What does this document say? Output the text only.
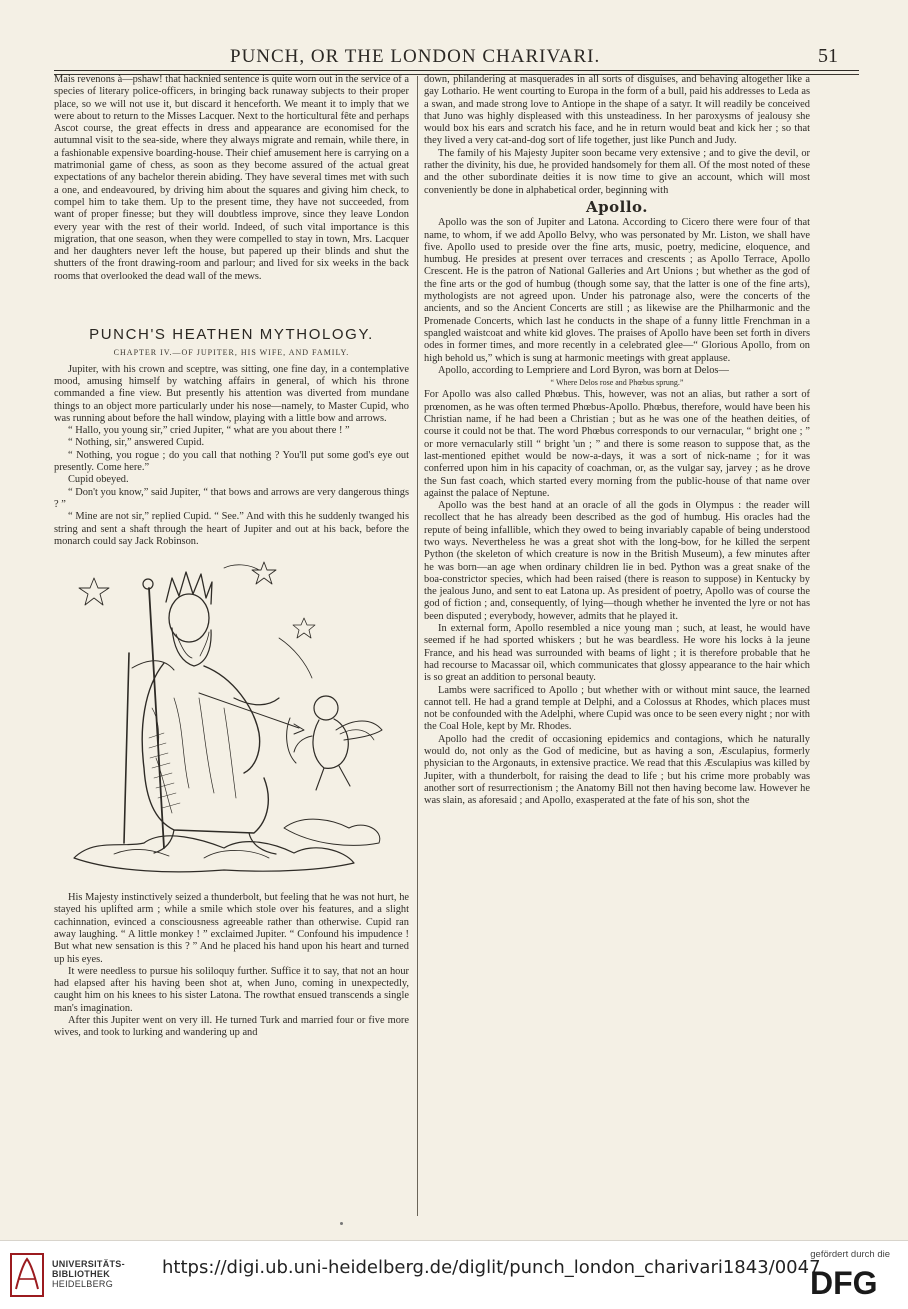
PUNCH, OR THE LONDON CHARIVARI.	51

Mais revenons à—pshaw! that hacknied sentence is quite worn out in the service of a species of literary police-officers, in bringing back runaway subjects to their proper place, so we will not use it, but discard it henceforth. We meant it to imply that we were about to return to the Misses Lacquer. Next to the horticultural fête and perhaps Ascot course, the great effects in dress and appearance are economised for the autumnal visit to the sea-side, where they always migrate and remain, while there, in a fashionable expensive boarding-house. Their chief amusement here is carrying on a matrimonial game of chess, as soon as they become assured of the actual great expectations of any bachelor therein abiding. They have several times met with such a one, and endeavoured, by driving him about the squares and giving him check, to compel him to take them. Up to the present time, they have not succeeded, from want of proper finesse; but they will doubtless improve, since they leave London every year with the rest of their world. Indeed, of such vital importance is this migration, that one season, when they were compelled to stay in town, Mrs. Lacquer and her daughters never left the house, but papered up their blinds and shut the shutters of the front drawing-room and parlour; and lived for six weeks in the back rooms that overlooked the dead wall of the mews.

PUNCH'S HEATHEN MYTHOLOGY.
CHAPTER IV.—OF JUPITER, HIS WIFE, AND FAMILY.

Jupiter, with his crown and sceptre, was sitting, one fine day, in a contemplative mood, amusing himself by watching affairs in general, of which his throne commanded a fine view. But presently his attention was diverted from mundane things to an object more particularly under his nose—namely, to Master Cupid, who was running about before the hall window, playing with a little bow and arrows.

“ Hallo, you young sir,” cried Jupiter, “ what are you about there ! ”

“ Nothing, sir,” answered Cupid.

“ Nothing, you rogue ; do you call that nothing ? You'll put some god's eye out presently. Come here.”

Cupid obeyed.

“ Don't you know,” said Jupiter, “ that bows and arrows are very dangerous things ? ”

“ Mine are not sir,” replied Cupid. “ See.” And with this he suddenly twanged his string and sent a shaft through the heart of Jupiter and out at his back, before the monarch could say Jack Robinson.

His Majesty instinctively seized a thunderbolt, but feeling that he was not hurt, he stayed his uplifted arm ; while a smile which stole over his features, and a slight cachinnation, evinced a consciousness agreeable rather than otherwise. Cupid ran away laughing. “ A little monkey ! ” exclaimed Jupiter. “ Confound his impudence ! But what new sensation is this ? ” And he placed his hand upon his heart and turned up his eyes.

It were needless to pursue his soliloquy further. Suffice it to say, that not an hour had elapsed after his having been shot at, when Juno, coming in unexpectedly, caught him on his knees to his sister Latona. The rowthat ensued transcends a single man's imagination.

After this Jupiter went on very ill. He turned Turk and married four or five more wives, and took to lurking and wandering up and

down, philandering at masquerades in all sorts of disguises, and behaving altogether like a gay Lothario. He went courting to Europa in the form of a bull, paid his addresses to Leda as a swan, and made strong love to Antiope in the shape of a satyr. It will readily be conceived that Juno was highly displeased with this unsteadiness. In her paroxysms of jealousy she would box his ears and scratch his face, and he in return would beat and kick her ; so that they lived a very cat-and-dog sort of life together, just like Punch and Judy.

The family of his Majesty Jupiter soon became very extensive ; and to give the devil, or rather the divinity, his due, he provided handsomely for them all. Of the most noted of these and the other subordinate deities it is now time to give an account, which will most conveniently be done in alphabetical order, beginning with

Apollo.

Apollo was the son of Jupiter and Latona. According to Cicero there were four of that name, to whom, if we add Apollo Belvy, who was personated by Mr. Liston, we shall have five. Apollo used to preside over the fine arts, music, poetry, medicine, eloquence, and humbug. He presides at present over terraces and crescents ; as Apollo Terrace, Apollo Crescent. He is the patron of National Galleries and Art Unions ; but whether as the god of the fine arts or the god of humbug (though some say, that the latter is one of the fine arts), mythologists are not agreed upon. Under his patronage also, were the concerts of the ancients, and so the Ancient Concerts are still ; as likewise are the Philharmonic and the Promenade Concerts, which last he conducts in the shape of a funny little Frenchman in a spangled waistcoat and white kid gloves. The praises of Apollo have been set forth in divers odes in former times, and more recently in a celebrated glee—“ Glorious Apollo, from on high behold us,” which is sung at harmonic meetings with great applause.

Apollo, according to Lempriere and Lord Byron, was born at Delos—

“ Where Delos rose and Phœbus sprung.”

For Apollo was also called Phœbus. This, however, was not an alias, but rather a sort of prœnomen, as he was often termed Phœbus-Apollo. Phœbus, therefore, would have been his Christian name, if he had been a Christian ; but as he was one of the heathen deities, of course it could not be that. The word Phœbus corresponds to our vernacular, “ bright one ; ” or more vernacularly still “ bright 'un ; ” and there is some reason to suppose that, as the last-mentioned epithet would be now-a-days, it was a sort of nick-name ; for it was conferred upon him in his capacity of coachman, or, as the vulgar say, jarvey ; as he drove the Sun fast coach, which started every morning from the public-house of that name over against the palace of Neptune.

Apollo was the best hand at an oracle of all the gods in Olympus : the reader will recollect that he has already been described as the god of humbug. His oracles had the repute of being infallible, which they owed to being invariably capable of being understood two ways. Nevertheless he was a great shot with the long-bow, for he killed the serpent Python (the skeleton of which creature is now in the British Museum), a few minutes after he was born—an age when ordinary children lie in bed. Python was a great snake of the boa-constrictor species, which had been raised (there is reason to suppose) in Kentucky by the jealous Juno, and sent to eat Latona up. As president of poetry, Apollo was of course the god of fiction ; and, consequently, of lying—though whether he invented the lyre or not has been disputed ; everybody, however, admits that he played it.

In external form, Apollo resembled a nice young man ; such, at least, he would have seemed if he had sported whiskers ; but he was beardless. He wore his locks à la jeune France, and his head was surrounded with beams of light ; it is therefore probable that he had recourse to Macassar oil, which communicates that glossy appearance to the hair which is so great an addition to personal beauty.

Lambs were sacrificed to Apollo ; but whether with or without mint sauce, the learned cannot tell. He had a grand temple at Delphi, and a Colossus at Rhodes, which places must not be confounded with the Adelphi, where Cupid was once to be seen every night ; nor with the Coal Hole, kept by Mr. Rhodes.

Apollo had the credit of occasioning epidemics and contagions, which he naturally would do, not only as the God of medicine, but as having a son, Æsculapius, formerly physician to the Argonauts, in extensive practice. We read that this Æsculapius was killed by Jupiter, with a thunderbolt, for raising the dead to life ; but his crime more probably was another sort of resurrectionism ; the Anatomy Bill not then having become law. However he was slain, as aforesaid ; and Apollo, exasperated at the fate of his son, shot the

UNIVERSITÄTS-
BIBLIOTHEK
HEIDELBERG
https://digi.ub.uni-heidelberg.de/diglit/punch_london_charivari1843/0047
gefördert durch die
DFG
